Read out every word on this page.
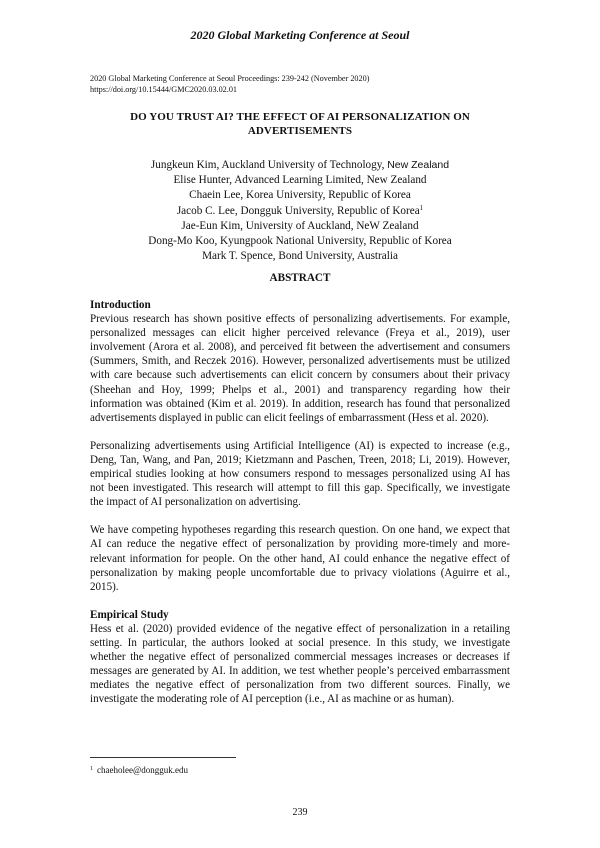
2020 Global Marketing Conference at Seoul
2020 Global Marketing Conference at Seoul Proceedings: 239-242 (November 2020)
https://doi.org/10.15444/GMC2020.03.02.01
DO YOU TRUST AI? THE EFFECT OF AI PERSONALIZATION ON
ADVERTISEMENTS
Jungkeun Kim, Auckland University of Technology, New Zealand
Elise Hunter, Advanced Learning Limited, New Zealand
Chaein Lee, Korea University, Republic of Korea
Jacob C. Lee, Dongguk University, Republic of Korea$^1$
Jae-Eun Kim, University of Auckland, NeW Zealand
Dong-Mo Koo, Kyungpook National University, Republic of Korea
Mark T. Spence, Bond University, Australia
ABSTRACT
Introduction

Previous research has shown positive effects of personalizing advertisements. For example, personalized messages can elicit higher perceived relevance (Freya et al., 2019), user involvement (Arora et al. 2008), and perceived fit between the advertisement and consumers (Summers, Smith, and Reczek 2016). However, personalized advertisements must be utilized with care because such advertisements can elicit concern by consumers about their privacy (Sheehan and Hoy, 1999; Phelps et al., 2001) and transparency regarding how their information was obtained (Kim et al. 2019). In addition, research has found that personalized advertisements displayed in public can elicit feelings of embarrassment (Hess et al. 2020).

Personalizing advertisements using Artificial Intelligence (AI) is expected to increase (e.g., Deng, Tan, Wang, and Pan, 2019; Kietzmann and Paschen, Treen, 2018; Li, 2019). However, empirical studies looking at how consumers respond to messages personalized using AI has not been investigated. This research will attempt to fill this gap. Specifically, we investigate the impact of AI personalization on advertising.

We have competing hypotheses regarding this research question. On one hand, we expect that AI can reduce the negative effect of personalization by providing more-timely and more-relevant information for people. On the other hand, AI could enhance the negative effect of personalization by making people uncomfortable due to privacy violations (Aguirre et al., 2015).

Empirical Study

Hess et al. (2020) provided evidence of the negative effect of personalization in a retailing setting. In particular, the authors looked at social presence. In this study, we investigate whether the negative effect of personalized commercial messages increases or decreases if messages are generated by AI. In addition, we test whether people’s perceived embarrassment mediates the negative effect of personalization from two different sources. Finally, we investigate the moderating role of AI perception (i.e., AI as machine or as human).

$^1$ chaeholee@dongguk.edu
239
